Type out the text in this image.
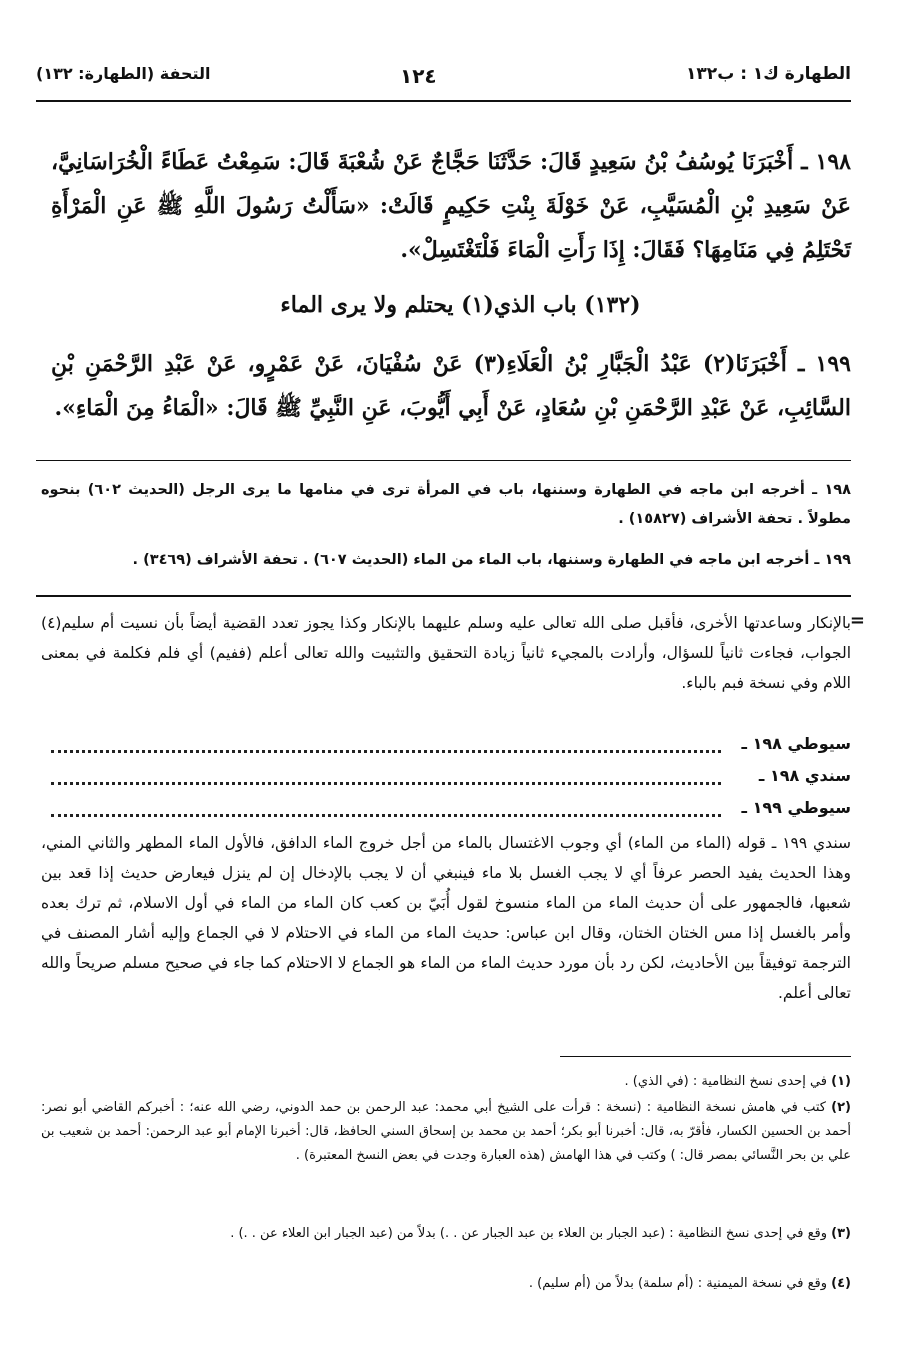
الطهارة ك١ : ب١٣٢
١٢٤
التحفة (الطهارة: ١٣٢)
١٩٨ ـ أَخْبَرَنَا يُوسُفُ بْنُ سَعِيدٍ قَالَ: حَدَّثَنَا حَجَّاجٌ عَنْ شُعْبَةَ قَالَ: سَمِعْتُ عَطَاءً الْخُرَاسَانِيَّ، عَنْ سَعِيدِ بْنِ الْمُسَيَّبِ، عَنْ خَوْلَةَ بِنْتِ حَكِيمٍ قَالَتْ: «سَأَلْتُ رَسُولَ اللَّهِ ﷺ عَنِ الْمَرْأَةِ تَحْتَلِمُ فِي مَنَامِهَا؟ فَقَالَ: إِذَا رَأَتِ الْمَاءَ فَلْتَغْتَسِلْ».
(١٣٢) باب الذي(١) يحتلم ولا يرى الماء
١٩٩ ـ أَخْبَرَنَا(٢) عَبْدُ الْجَبَّارِ بْنُ الْعَلَاءِ(٣) عَنْ سُفْيَانَ، عَنْ عَمْرٍو، عَنْ عَبْدِ الرَّحْمَنِ بْنِ السَّائِبِ، عَنْ عَبْدِ الرَّحْمَنِ بْنِ سُعَادٍ، عَنْ أَبِي أَيُّوبَ، عَنِ النَّبِيِّ ﷺ قَالَ: «الْمَاءُ مِنَ الْمَاءِ».
١٩٨ ـ أخرجه ابن ماجه في الطهارة وسننها، باب في المرأة ترى في منامها ما يرى الرجل (الحديث ٦٠٢) بنحوه مطولاً . تحفة الأشراف (١٥٨٢٧) .
١٩٩ ـ أخرجه ابن ماجه في الطهارة وسننها، باب الماء من الماء (الحديث ٦٠٧) . تحفة الأشراف (٣٤٦٩) .
=
بالإنكار وساعدتها الأخرى، فأقبل صلى الله تعالى عليه وسلم عليهما بالإنكار وكذا يجوز تعدد القضية أيضاً بأن نسيت أم سليم(٤) الجواب، فجاءت ثانياً للسؤال، وأرادت بالمجيء ثانياً زيادة التحقيق والتثبيت والله تعالى أعلم (ففيم) أي فلم فكلمة في بمعنى اللام وفي نسخة فبم بالباء.
سيوطي ١٩٨ ـ
سندي ١٩٨ ـ
سيوطي ١٩٩ ـ
سندي ١٩٩ ـ قوله (الماء من الماء) أي وجوب الاغتسال بالماء من أجل خروج الماء الدافق، فالأول الماء المطهر والثاني المني، وهذا الحديث يفيد الحصر عرفاً أي لا يجب الغسل بلا ماء فينبغي أن لا يجب بالإدخال إن لم ينزل فيعارض حديث إذا قعد بين شعبها، فالجمهور على أن حديث الماء من الماء منسوخ لقول أُبَيّ بن كعب كان الماء من الماء في أول الاسلام، ثم ترك بعده وأمر بالغسل إذا مس الختان الختان، وقال ابن عباس: حديث الماء من الماء في الاحتلام لا في الجماع وإليه أشار المصنف في الترجمة توفيقاً بين الأحاديث، لكن رد بأن مورد حديث الماء من الماء هو الجماع لا الاحتلام كما جاء في صحيح مسلم صريحاً والله تعالى أعلم.
(١) في إحدى نسخ النظامية : (في الذي) .
(٢) كتب في هامش نسخة النظامية : (نسخة : قرأت على الشيخ أبي محمد: عبد الرحمن بن حمد الدوني، رضي الله عنه؛ : أخبركم القاضي أبو نصر: أحمد بن الحسين الكسار، فأقرّ به، قال: أخبرنا أبو بكر؛ أحمد بن محمد بن إسحاق السني الحافظ، قال: أخبرنا الإمام أبو عبد الرحمن: أحمد بن شعيب بن علي بن بحر النَّسائي بمصر قال: ) وكتب في هذا الهامش (هذه العبارة وجدت في بعض النسخ المعتبرة) .
(٣) وقع في إحدى نسخ النظامية : (عبد الجبار بن العلاء بن عبد الجبار عن . .) بدلاً من (عبد الجبار ابن العلاء عن . .) .
(٤) وقع في نسخة الميمنية : (أم سلمة) بدلاً من (أم سليم) .
